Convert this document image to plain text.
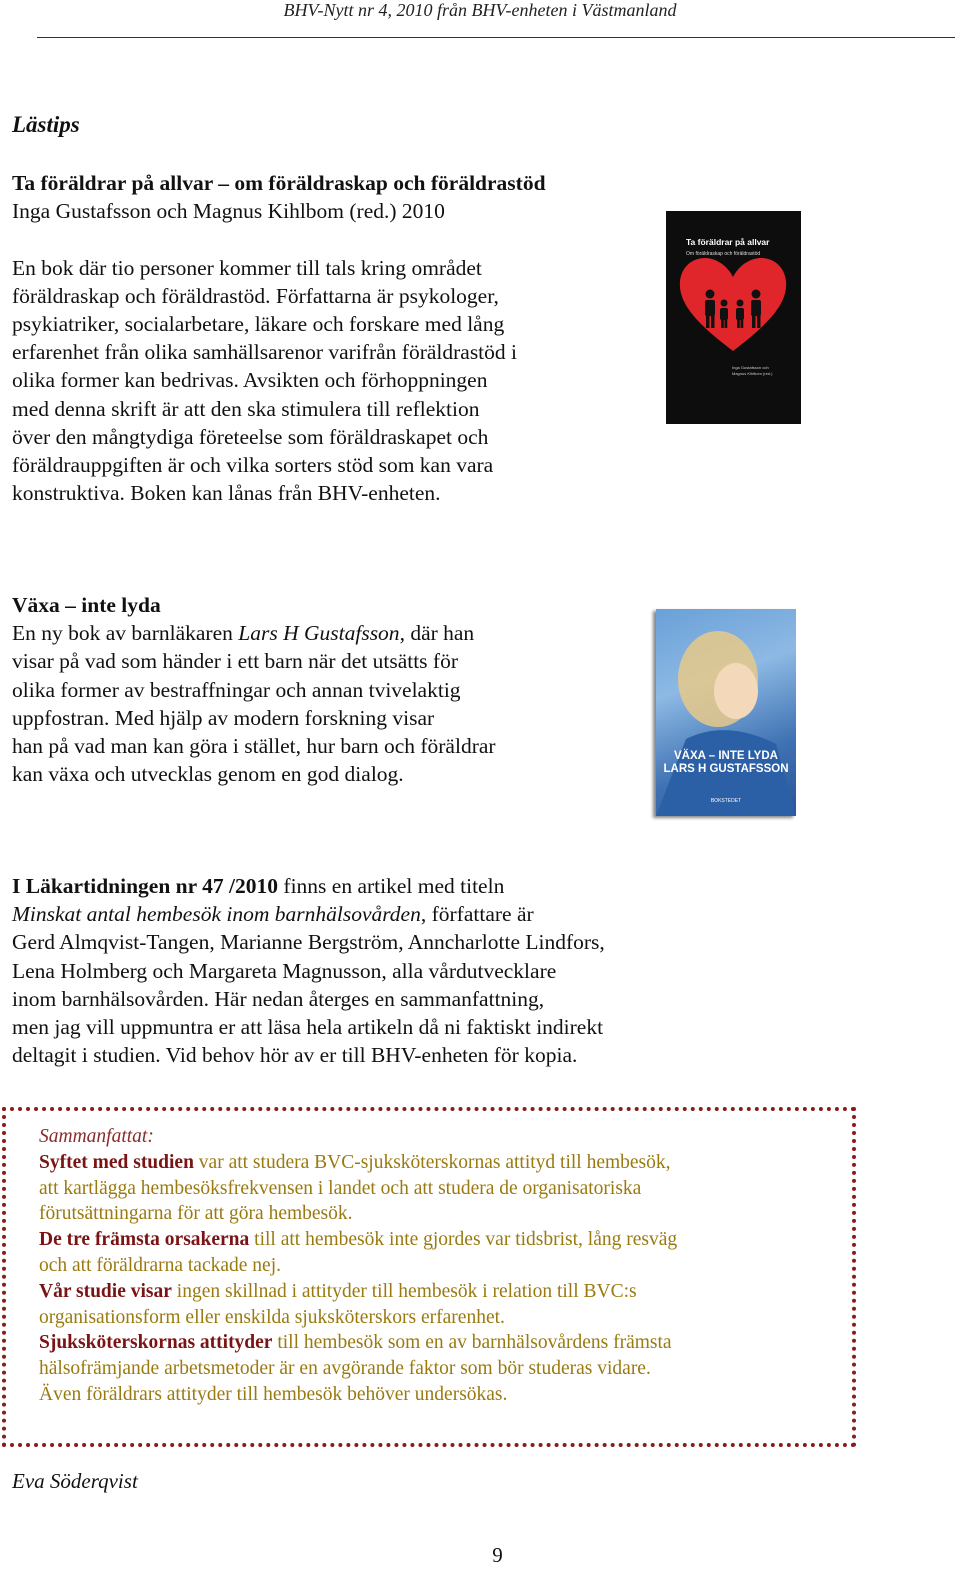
BHV-Nytt nr 4, 2010 från BHV-enheten i Västmanland
Lästips

Ta föräldrar på allvar – om föräldraskap och föräldrastöd

Inga Gustafsson och Magnus Kihlbom (red.) 2010

En bok där tio personer kommer till tals kring området

föräldraskap och föräldrastöd. Författarna är psykologer,

psykiatriker, socialarbetare, läkare och forskare med lång

erfarenhet från olika samhällsarenor varifrån föräldrastöd i

olika former kan bedrivas. Avsikten och förhoppningen

med denna skrift är att den ska stimulera till reflektion

över den mångtydiga företeelse som föräldraskapet och

föräldrauppgiften är och vilka sorters stöd som kan vara

konstruktiva. Boken kan lånas från BHV-enheten.

Ta föräldrar på allvar
Om föräldraskap och föräldrastöd
Inga Gustafsson och
Magnus Kihlbom (red.)

Växa – inte lyda

En ny bok av barnläkaren Lars H Gustafsson, där han

visar på vad som händer i ett barn när det utsätts för

olika former av bestraffningar och annan tvivelaktig

uppfostran. Med hjälp av modern forskning visar

han på vad man kan göra i stället, hur barn och föräldrar

kan växa och utvecklas genom en god dialog.

VÄXA – INTE LYDA
LARS H GUSTAFSSON
BOKSTEDET

I Läkartidningen nr 47 /2010 finns en artikel med titeln

Minskat antal hembesök inom barnhälsovården, författare är

Gerd Almqvist-Tangen, Marianne Bergström, Anncharlotte Lindfors,

Lena Holmberg och Margareta Magnusson, alla vårdutvecklare

inom barnhälsovården. Här nedan återges en sammanfattning,

men jag vill uppmuntra er att läsa hela artikeln då ni faktiskt indirekt

deltagit i studien. Vid behov hör av er till BHV-enheten för kopia.

Sammanfattat:

Syftet med studien var att studera BVC-sjuksköterskornas attityd till hembesök,

att kartlägga hembesöksfrekvensen i landet och att studera de organisatoriska

förutsättningarna för att göra hembesök.

De tre främsta orsakerna till att hembesök inte gjordes var tidsbrist, lång resväg

och att föräldrarna tackade nej.

Vår studie visar ingen skillnad i attityder till hembesök i relation till BVC:s

organisationsform eller enskilda sjuksköterskors erfarenhet.

Sjuksköterskornas attityder till hembesök som en av barnhälsovårdens främsta

hälsofrämjande arbetsmetoder är en avgörande faktor som bör studeras vidare.

Även föräldrars attityder till hembesök behöver undersökas.

Eva Söderqvist
9
